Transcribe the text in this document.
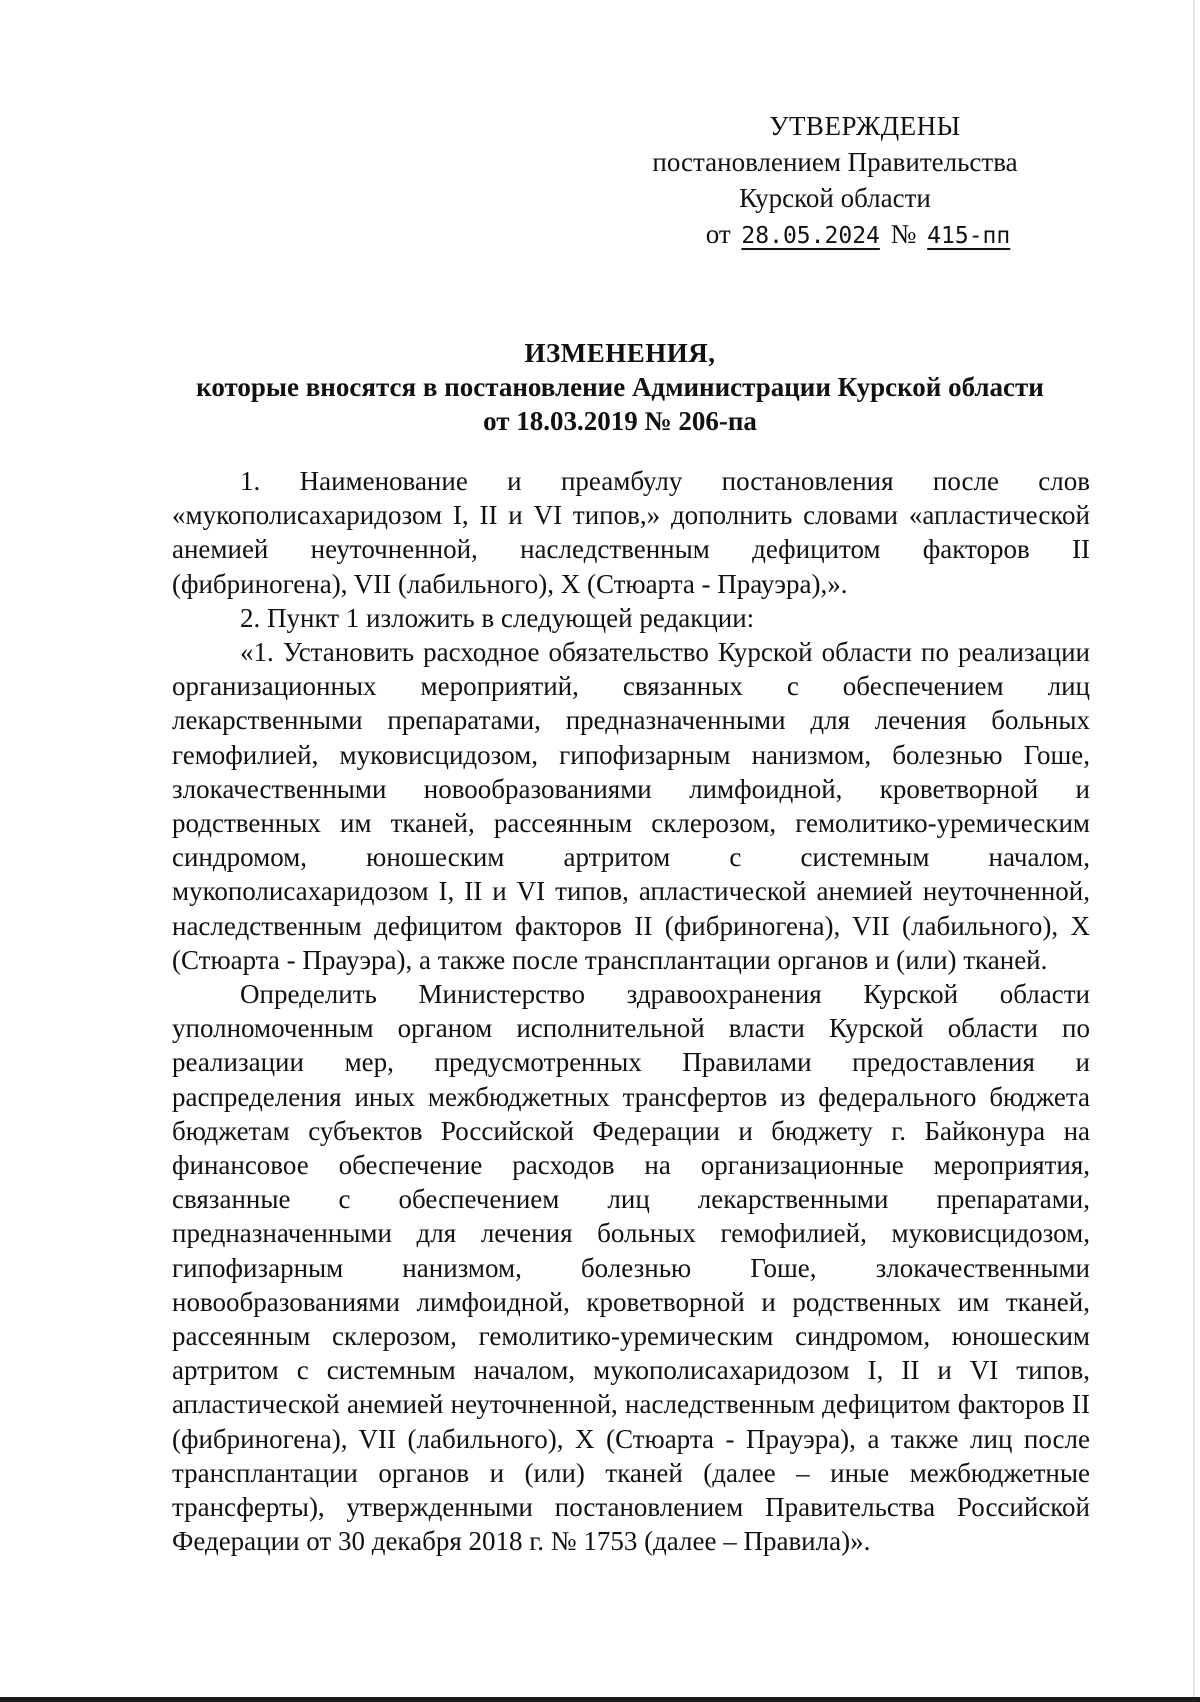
УТВЕРЖДЕНЫ
постановлением Правительства
Курской области
от 28.05.2024 № 415-пп
ИЗМЕНЕНИЯ,
которые вносятся в постановление Администрации Курской области
от 18.03.2019 № 206-па

1. Наименование и преамбулу постановления после слов «мукополисахаридозом I, II и VI типов,» дополнить словами «апластической анемией неуточненной, наследственным дефицитом факторов II (фибриногена), VII (лабильного), X (Стюарта - Прауэра),».

2. Пункт 1 изложить в следующей редакции:

«1. Установить расходное обязательство Курской области по реализации организационных мероприятий, связанных с обеспечением лиц лекарственными препаратами, предназначенными для лечения больных гемофилией, муковисцидозом, гипофизарным нанизмом, болезнью Гоше, злокачественными новообразованиями лимфоидной, кроветворной и родственных им тканей, рассеянным склерозом, гемолитико-уремическим синдромом, юношеским артритом с системным началом, мукополисахаридозом I, II и VI типов, апластической анемией неуточненной, наследственным дефицитом факторов II (фибриногена), VII (лабильного), X (Стюарта - Прауэра), а также после трансплантации органов и (или) тканей.

Определить Министерство здравоохранения Курской области уполномоченным органом исполнительной власти Курской области по реализации мер, предусмотренных Правилами предоставления и распределения иных межбюджетных трансфертов из федерального бюджета бюджетам субъектов Российской Федерации и бюджету г. Байконура на финансовое обеспечение расходов на организационные мероприятия, связанные с обеспечением лиц лекарственными препаратами, предназначенными для лечения больных гемофилией, муковисцидозом, гипофизарным нанизмом, болезнью Гоше, злокачественными новообразованиями лимфоидной, кроветворной и родственных им тканей, рассеянным склерозом, гемолитико-уремическим синдромом, юношеским артритом с системным началом, мукополисахаридозом I, II и VI типов, апластической анемией неуточненной, наследственным дефицитом факторов II (фибриногена), VII (лабильного), X (Стюарта - Прауэра), а также лиц после трансплантации органов и (или) тканей (далее – иные межбюджетные трансферты), утвержденными постановлением Правительства Российской Федерации от 30 декабря 2018 г. № 1753 (далее – Правила)».
